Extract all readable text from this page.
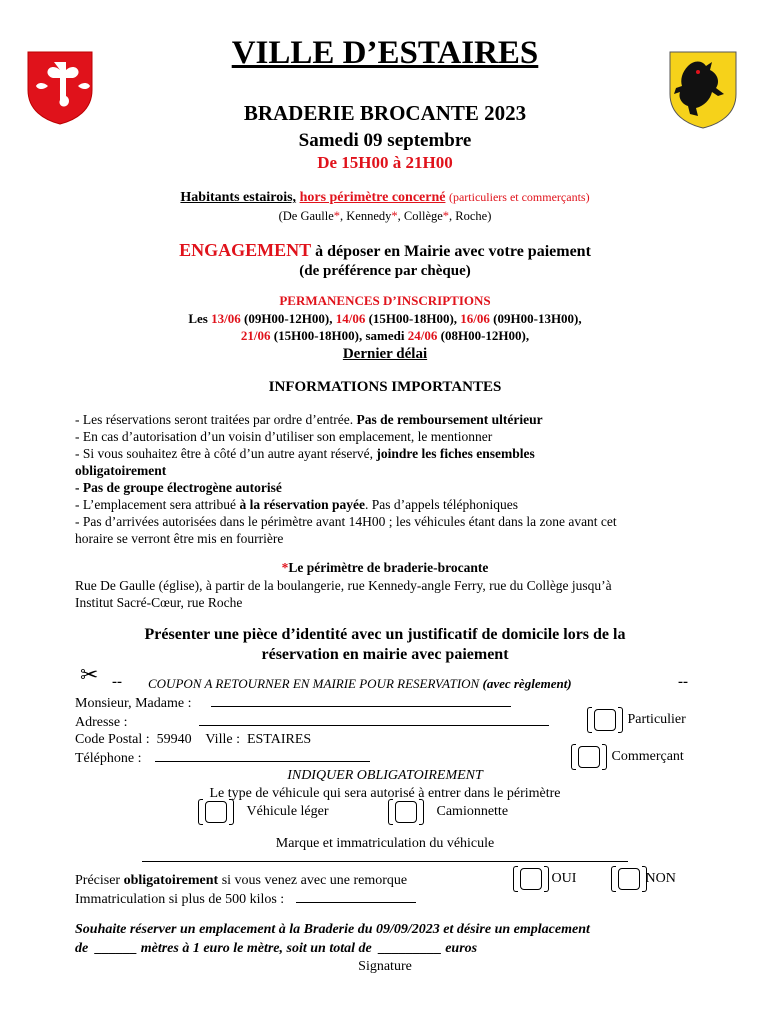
VILLE D’ESTAIRES
BRADERIE BROCANTE 2023
Samedi 09 septembre
De 15H00 à 21H00
Habitants estairois, hors périmètre concerné (particuliers et commerçants)
(De Gaulle*, Kennedy*, Collège*, Roche)
ENGAGEMENT à déposer en Mairie avec votre paiement
(de préférence par chèque)
PERMANENCES D’INSCRIPTIONS
Les 13/06 (09H00-12H00), 14/06 (15H00-18H00), 16/06 (09H00-13H00),
21/06 (15H00-18H00), samedi 24/06 (08H00-12H00),
Dernier délai
INFORMATIONS IMPORTANTES
- Les réservations seront traitées par ordre d’entrée. Pas de remboursement ultérieur
- En cas d’autorisation d’un voisin d’utiliser son emplacement, le mentionner
- Si vous souhaitez être à côté d’un autre ayant réservé, joindre les fiches ensembles
obligatoirement
- Pas de groupe électrogène autorisé
- L’emplacement sera attribué à la réservation payée. Pas d’appels téléphoniques
- Pas d’arrivées autorisées dans le périmètre avant 14H00 ; les véhicules étant dans la zone avant cet
horaire se verront être mis en fourrière
*Le périmètre de braderie-brocante
Rue De Gaulle (église), à partir de la boulangerie, rue Kennedy-angle Ferry, rue du Collège jusqu’à
Institut Sacré-Cœur, rue Roche
Présenter une pièce d’identité avec un justificatif de domicile lors de la
réservation en mairie avec paiement
✂ -- COUPON A RETOURNER EN MAIRIE POUR RESERVATION (avec règlement)	--
Monsieur, Madame :
Adresse :	Particulier
Code Postal :  59940    Ville :  ESTAIRES
Téléphone :	Commerçant
INDIQUER OBLIGATOIREMENT
Le type de véhicule qui sera autorisé à entrer dans le périmètre
Véhicule léger	Camionnette
Marque et immatriculation du véhicule
Préciser obligatoirement si vous venez avec une remorque	OUI	NON
Immatriculation si plus de 500 kilos :
Souhaite réserver un emplacement à la Braderie du 09/09/2023 et désire un emplacement
de  ______ mètres à 1 euro le mètre, soit un total de  _________ euros
Signature
